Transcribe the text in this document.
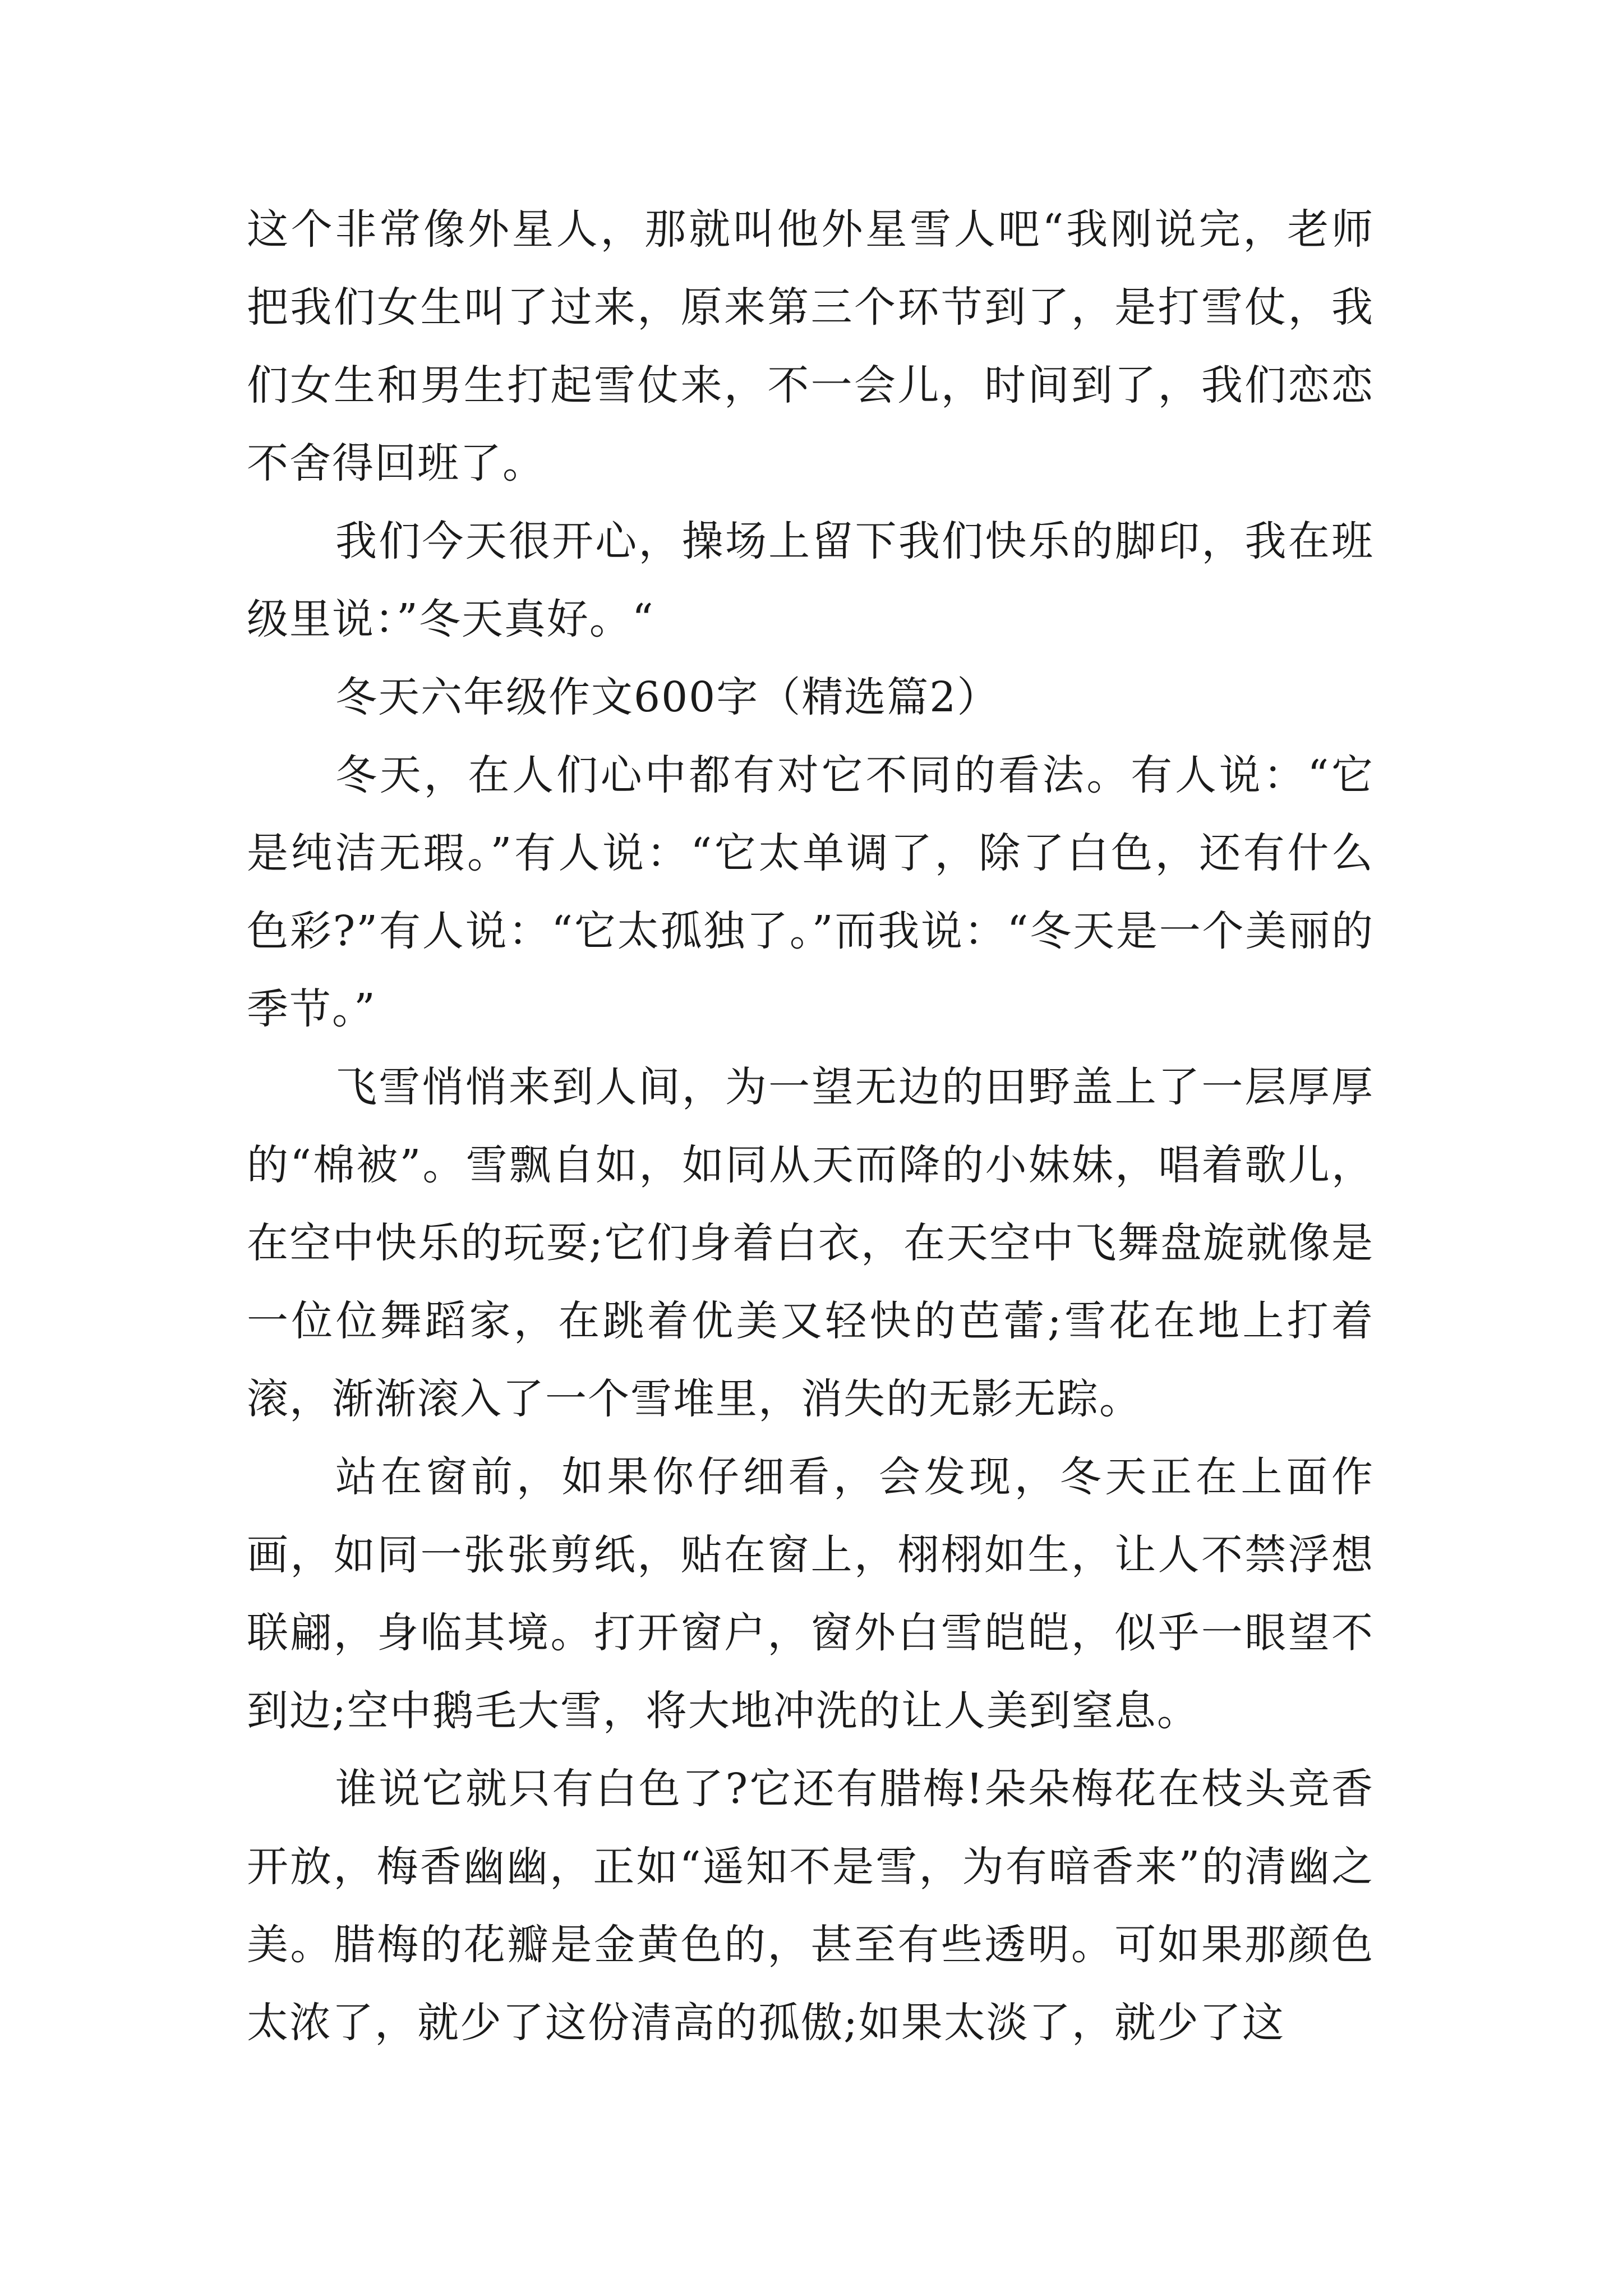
这个非常像外星人，那就叫他外星雪人吧“我刚说完，老师把我们女生叫了过来，原来第三个环节到了，是打雪仗，我们女生和男生打起雪仗来，不一会儿，时间到了，我们恋恋不舍得回班了。

我们今天很开心，操场上留下我们快乐的脚印，我在班级里说：”冬天真好。“

冬天六年级作文600字（精选篇2）

冬天，在人们心中都有对它不同的看法。有人说：“它是纯洁无瑕。”有人说：“它太单调了，除了白色，还有什么色彩?”有人说：“它太孤独了。”而我说：“冬天是一个美丽的季节。”

飞雪悄悄来到人间，为一望无边的田野盖上了一层厚厚的“棉被”。雪飘自如，如同从天而降的小妹妹，唱着歌儿，在空中快乐的玩耍;它们身着白衣，在天空中飞舞盘旋就像是一位位舞蹈家，在跳着优美又轻快的芭蕾;雪花在地上打着滚，渐渐滚入了一个雪堆里，消失的无影无踪。

站在窗前，如果你仔细看，会发现，冬天正在上面作画，如同一张张剪纸，贴在窗上，栩栩如生，让人不禁浮想联翩，身临其境。打开窗户，窗外白雪皑皑，似乎一眼望不到边;空中鹅毛大雪，将大地冲洗的让人美到窒息。

谁说它就只有白色了?它还有腊梅!朵朵梅花在枝头竞香开放，梅香幽幽，正如“遥知不是雪，为有暗香来”的清幽之美。腊梅的花瓣是金黄色的，甚至有些透明。可如果那颜色太浓了，就少了这份清高的孤傲;如果太淡了，就少了这
